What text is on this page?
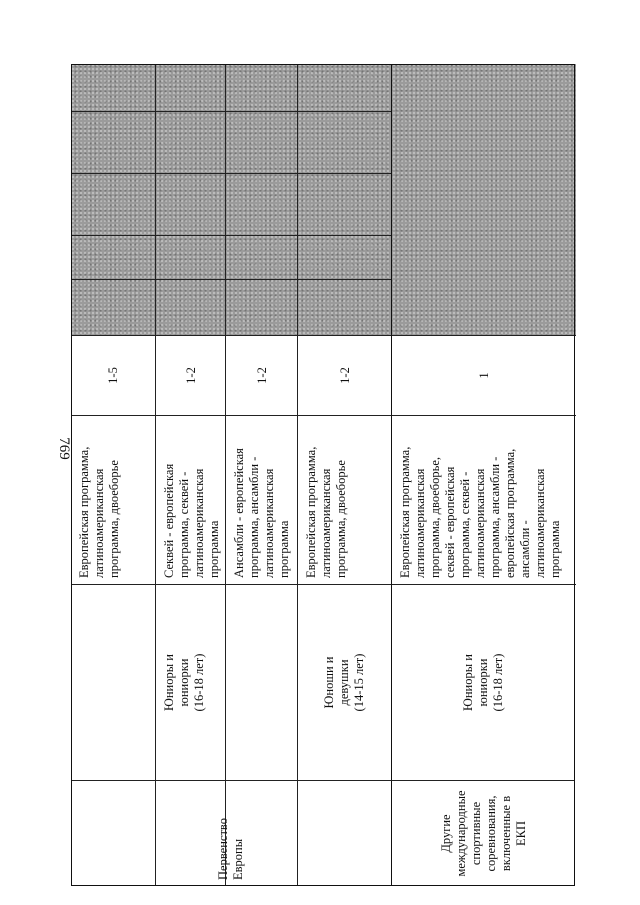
769 Европейская программа, латиноамериканская программа, двоеборье
1-5
Секвей - европейская программа, секвей - латиноамериканская программа
1-2
Ансамбли - европейская программа, ансамбли - латиноамериканская программа
1-2
Европейская программа, латиноамериканская программа, двоеборье
1-2
Европейская программа, латиноамериканская программа, двоеборье, секвей - европейская программа, секвей - латиноамериканская программа, ансамбли - европейская программа, ансамбли - латиноамериканская программа
1
Первенство Европы
Другие международные спортивные соревнования, включенные в ЕКП
Юниоры и юниорки (16-18 лет)	Юноши и девушки (14-15 лет)	Юниоры и юниорки (16-18 лет)
